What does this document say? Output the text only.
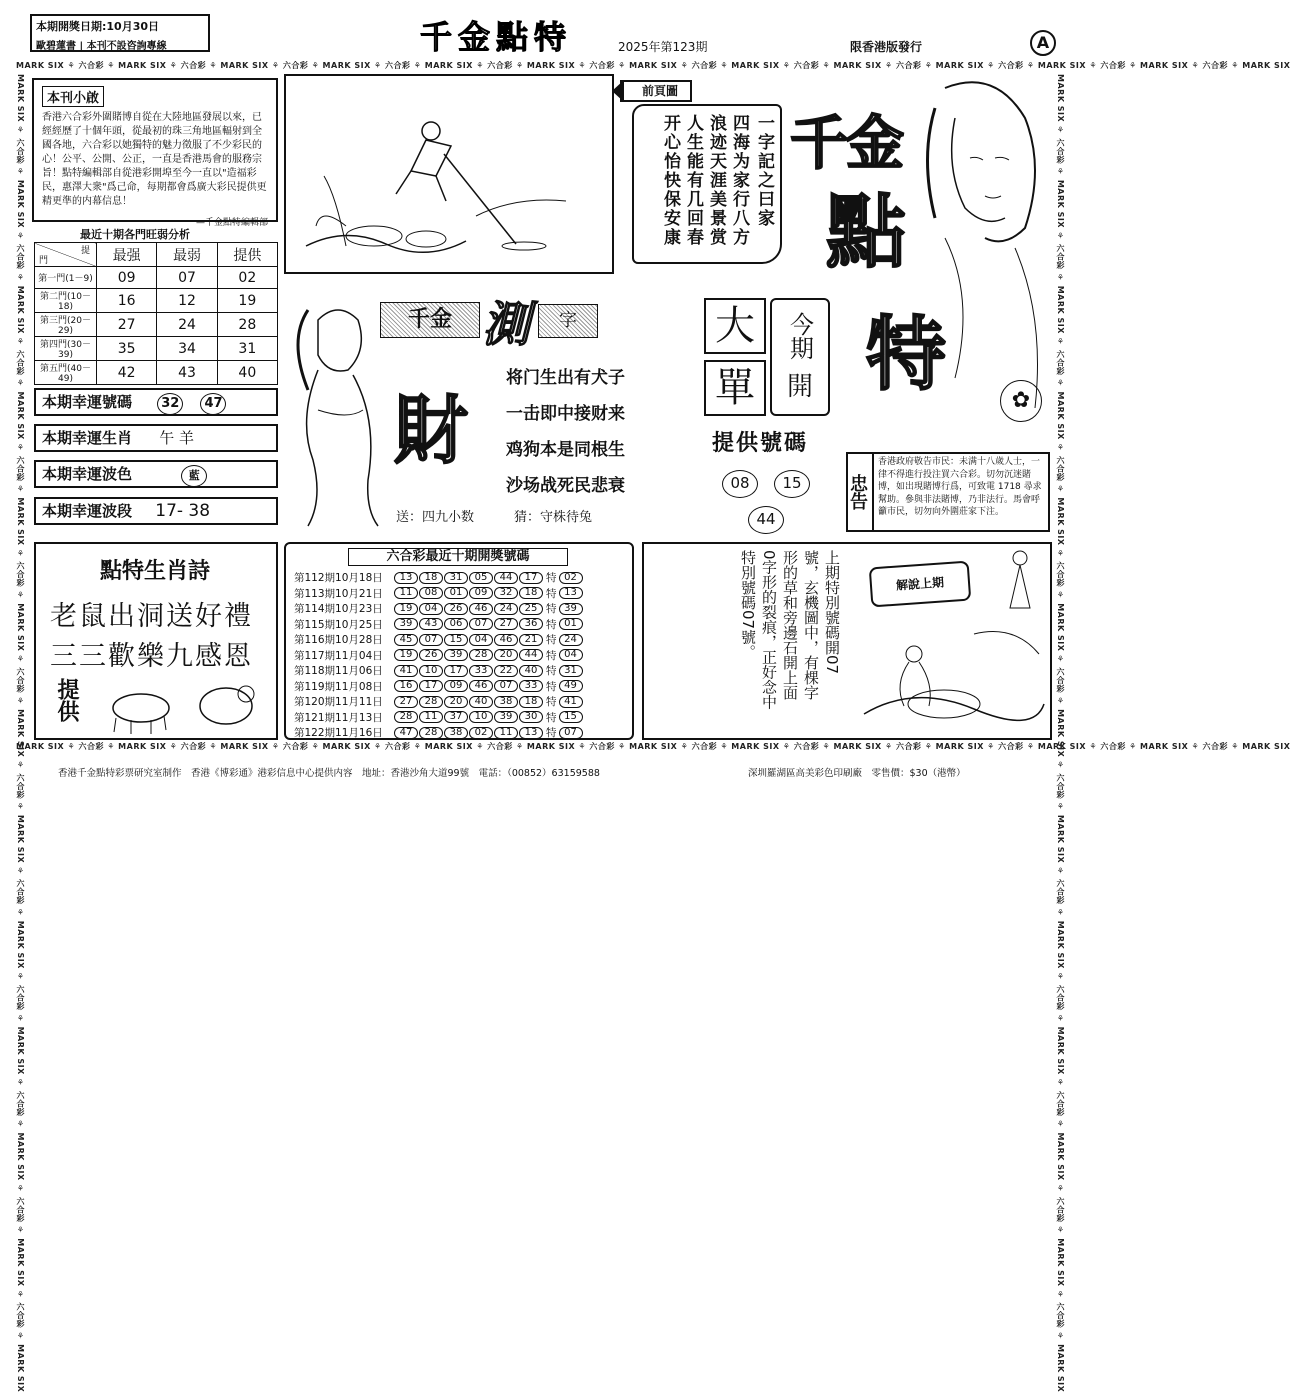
本期開獎日期:10月30日
歐碧蓮書 | 本刊不設咨詢專線	千金點特	2025年第123期	限香港版發行	A
MARK SIX ⚘ 六合彩 ⚘ MARK SIX ⚘ 六合彩 ⚘ MARK SIX ⚘ 六合彩 ⚘ MARK SIX ⚘ 六合彩 ⚘ MARK SIX ⚘ 六合彩 ⚘ MARK SIX ⚘ 六合彩 ⚘ MARK SIX ⚘ 六合彩 ⚘ MARK SIX ⚘ 六合彩 ⚘ MARK SIX ⚘ 六合彩 ⚘ MARK SIX ⚘ 六合彩 ⚘ MARK SIX ⚘ 六合彩 ⚘ MARK SIX ⚘ 六合彩 ⚘ MARK SIX
MARK SIX ⚘ 六合彩 ⚘ MARK SIX ⚘ 六合彩 ⚘ MARK SIX ⚘ 六合彩 ⚘ MARK SIX ⚘ 六合彩 ⚘ MARK SIX ⚘ 六合彩 ⚘ MARK SIX ⚘ 六合彩 ⚘ MARK SIX ⚘ 六合彩 ⚘ MARK SIX ⚘ 六合彩 ⚘ MARK SIX ⚘ 六合彩 ⚘ MARK SIX ⚘ 六合彩 ⚘ MARK SIX ⚘ 六合彩 ⚘ MARK SIX ⚘ 六合彩 ⚘ MARK SIX
MARK SIX ⚘ 六合彩 ⚘ MARK SIX ⚘ 六合彩 ⚘ MARK SIX ⚘ 六合彩 ⚘ MARK SIX ⚘ 六合彩 ⚘ MARK SIX ⚘ 六合彩 ⚘ MARK SIX ⚘ 六合彩 ⚘ MARK SIX ⚘ 六合彩 ⚘ MARK SIX ⚘ 六合彩 ⚘ MARK SIX ⚘ 六合彩 ⚘ MARK SIX ⚘ 六合彩 ⚘ MARK SIX ⚘ 六合彩 ⚘ MARK SIX ⚘ 六合彩 ⚘ MARK SIX	MARK SIX ⚘ 六合彩 ⚘ MARK SIX ⚘ 六合彩 ⚘ MARK SIX ⚘ 六合彩 ⚘ MARK SIX ⚘ 六合彩 ⚘ MARK SIX ⚘ 六合彩 ⚘ MARK SIX ⚘ 六合彩 ⚘ MARK SIX ⚘ 六合彩 ⚘ MARK SIX ⚘ 六合彩 ⚘ MARK SIX ⚘ 六合彩 ⚘ MARK SIX ⚘ 六合彩 ⚘ MARK SIX ⚘ 六合彩 ⚘ MARK SIX ⚘ 六合彩 ⚘ MARK SIX
本刊小啟
香港六合彩外圍賭博自從在大陸地區發展以來，已經經歷了十個年頭，從最初的珠三角地區輻射到全國各地，六合彩以她獨特的魅力徵服了不少彩民的心！公平、公開、公正，一直是香港馬會的服務宗旨！點特編輯部自從港彩開埠至今一直以"造福彩民，惠澤大衆"爲己命，每期都會爲廣大彩民提供更精更準的内幕信息！
—千金點特編輯部
最近十期各門旺弱分析
提

門	最强	最弱	提供
第一門(1－9)	09	07	02
第二門(10－18)	16	12	19
第三門(20－29)	27	24	28
第四門(30－39)	35	34	31
第五門(40－49)	42	43	40
本期幸運號碼 32 47
本期幸運生肖 午 羊
本期幸運波色	藍
本期幸運波段 17- 38
前頁圖
一字記之曰家
四海为家行八方
浪迹天涯美景赏
人生能有几回春
开心怡快保安康 千金
點
特	✿
千金 測	字
財
将门生出有犬子
一击即中接财来
鸡狗本是同根生
沙场战死民悲衰
送：四九小数	猜：守株待兔
大
單
今期
開
提供號碼
08	15
44
忠告
香港政府敬告市民：未满十八歲人士，一律不得進行投注買六合彩。切勿沉迷賭博，如出現賭博行爲，可致電 1718 尋求幫助。參與非法賭博，乃非法行。馬會呼籲市民，切勿向外圍莊家下注。
點特生肖詩
老鼠出洞送好禮
三三歡樂九感恩
提供
六合彩最近十期開獎號碼
第112期10月18日	13	18	31	05	44	17 特 02
第113期10月21日	11	08	01	09	32	18 特 13
第114期10月23日	19	04	26	46	24	25 特 39
第115期10月25日	39	43	06	07	27	36 特 01
第116期10月28日	45	07	15	04	46	21 特 24
第117期11月04日	19	26	39	28	20	44 特 04
第118期11月06日	41	10	17	33	22	40 特 31
第119期11月08日	16	17	09	46	07	33 特 49
第120期11月11日	27	28	20	40	38	18 特 41
第121期11月13日	28	11	37	10	39	30 特 15
第122期11月16日	47	28	38	02	11	13 特 07
上期特別號碼開07
號，玄機圖中，有棵字
形的草和旁邊石開上面
0字形的裂痕，正好念中
特別號碼07號。	解說上期
香港千金點特彩票研究室制作　香港《博彩通》港彩信息中心提供内容　地址：香港沙角大道99號　電話：（00852）63159588	深圳羅湖區高美彩色印刷廠　零售價：$30（港幣）
